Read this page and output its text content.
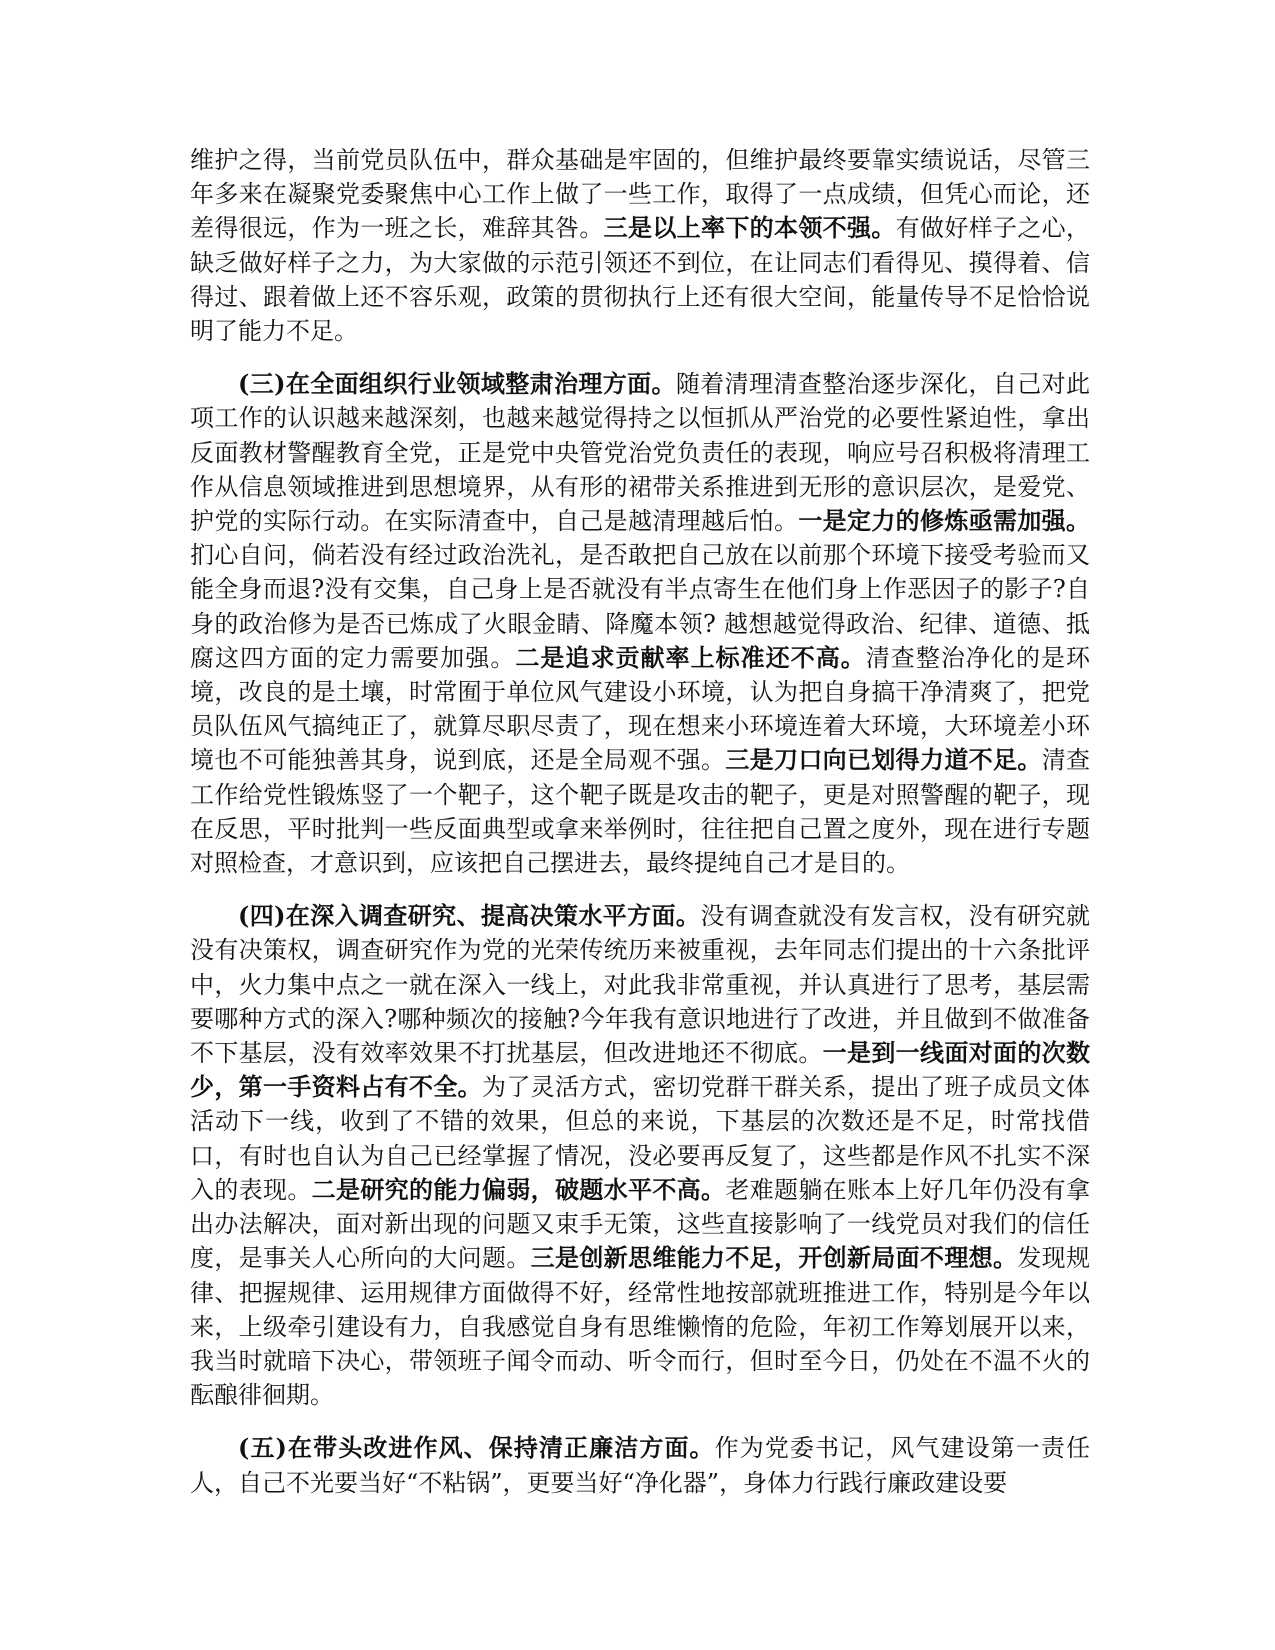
维护之得，当前党员队伍中，群众基础是牢固的，但维护最终要靠实绩说话，尽管三年多来在凝聚党委聚焦中心工作上做了一些工作，取得了一点成绩，但凭心而论，还差得很远，作为一班之长，难辞其咎。三是以上率下的本领不强。有做好样子之心，缺乏做好样子之力，为大家做的示范引领还不到位，在让同志们看得见、摸得着、信得过、跟着做上还不容乐观，政策的贯彻执行上还有很大空间，能量传导不足恰恰说明了能力不足。

(三)在全面组织行业领域整肃治理方面。随着清理清查整治逐步深化，自己对此项工作的认识越来越深刻，也越来越觉得持之以恒抓从严治党的必要性紧迫性，拿出反面教材警醒教育全党，正是党中央管党治党负责任的表现，响应号召积极将清理工作从信息领域推进到思想境界，从有形的裙带关系推进到无形的意识层次，是爱党、护党的实际行动。在实际清查中，自己是越清理越后怕。一是定力的修炼亟需加强。扪心自问，倘若没有经过政治洗礼，是否敢把自己放在以前那个环境下接受考验而又能全身而退?没有交集，自己身上是否就没有半点寄生在他们身上作恶因子的影子?自身的政治修为是否已炼成了火眼金睛、降魔本领? 越想越觉得政治、纪律、道德、抵腐这四方面的定力需要加强。二是追求贡献率上标准还不高。清查整治净化的是环境，改良的是土壤，时常囿于单位风气建设小环境，认为把自身搞干净清爽了，把党员队伍风气搞纯正了，就算尽职尽责了，现在想来小环境连着大环境，大环境差小环境也不可能独善其身，说到底，还是全局观不强。三是刀口向已划得力道不足。清查工作给党性锻炼竖了一个靶子，这个靶子既是攻击的靶子，更是对照警醒的靶子，现在反思，平时批判一些反面典型或拿来举例时，往往把自己置之度外，现在进行专题对照检查，才意识到，应该把自己摆进去，最终提纯自己才是目的。

(四)在深入调查研究、提高决策水平方面。没有调查就没有发言权，没有研究就没有决策权，调查研究作为党的光荣传统历来被重视，去年同志们提出的十六条批评中，火力集中点之一就在深入一线上，对此我非常重视，并认真进行了思考，基层需要哪种方式的深入?哪种频次的接触?今年我有意识地进行了改进，并且做到不做准备不下基层，没有效率效果不打扰基层，但改进地还不彻底。一是到一线面对面的次数少，第一手资料占有不全。为了灵活方式，密切党群干群关系，提出了班子成员文体活动下一线，收到了不错的效果，但总的来说，下基层的次数还是不足，时常找借口，有时也自认为自己已经掌握了情况，没必要再反复了，这些都是作风不扎实不深入的表现。二是研究的能力偏弱，破题水平不高。老难题躺在账本上好几年仍没有拿出办法解决，面对新出现的问题又束手无策，这些直接影响了一线党员对我们的信任度，是事关人心所向的大问题。三是创新思维能力不足，开创新局面不理想。发现规律、把握规律、运用规律方面做得不好，经常性地按部就班推进工作，特别是今年以来，上级牵引建设有力，自我感觉自身有思维懒惰的危险，年初工作筹划展开以来，我当时就暗下决心，带领班子闻令而动、听令而行，但时至今日，仍处在不温不火的酝酿徘徊期。

(五)在带头改进作风、保持清正廉洁方面。作为党委书记，风气建设第一责任人，自己不光要当好“不粘锅”，更要当好“净化器”，身体力行践行廉政建设要
